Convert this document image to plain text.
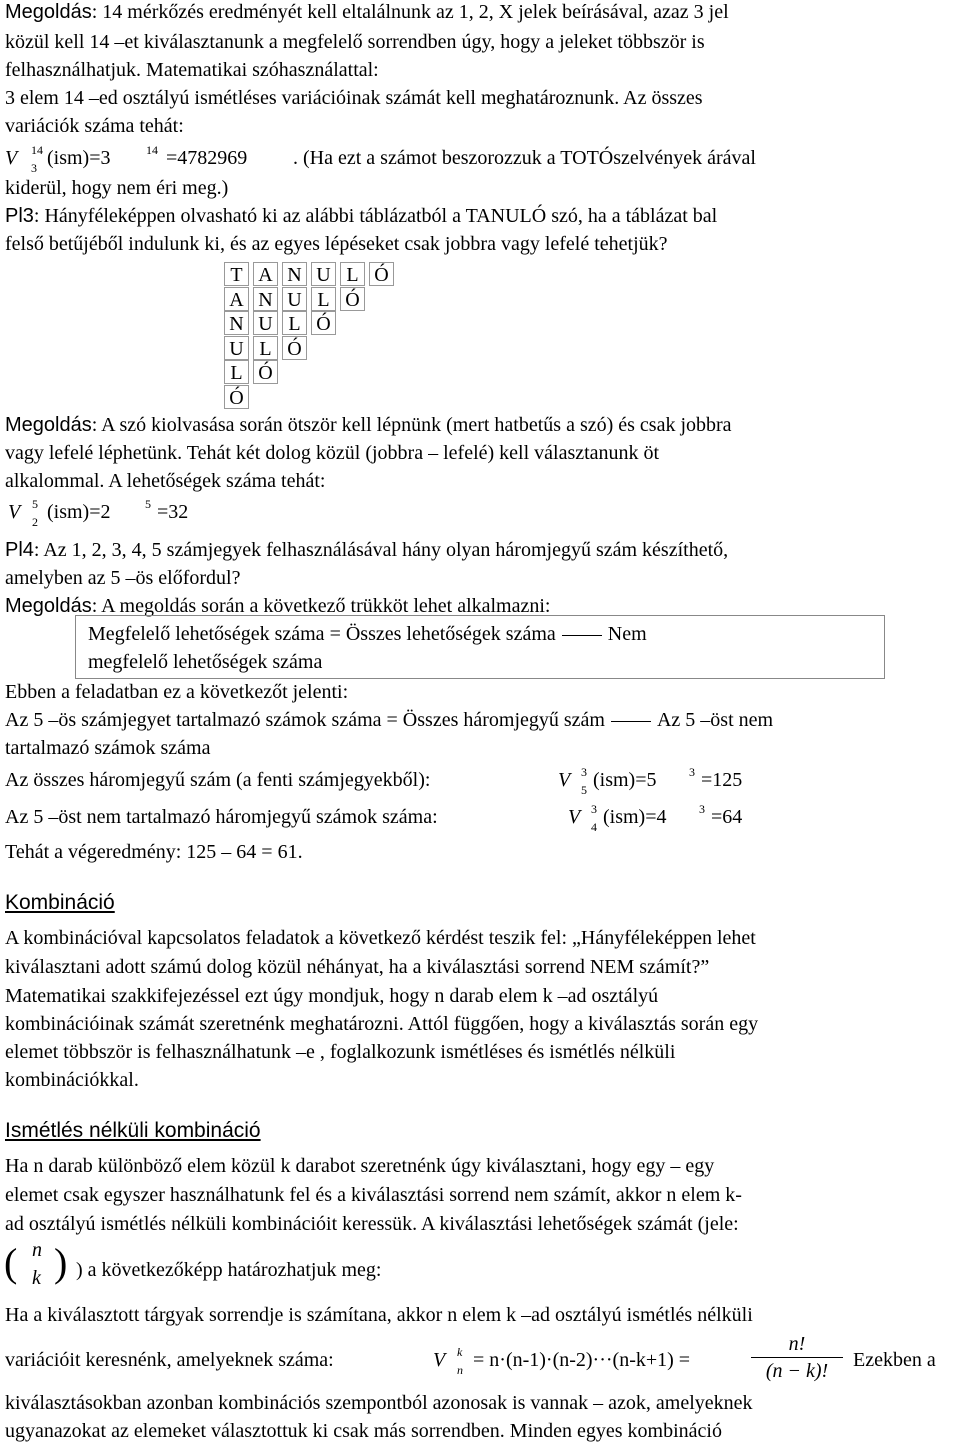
Megoldás: 14 mérkőzés eredményét kell eltalálnunk az 1, 2, X jelek beírásával, azaz 3 jel
közül kell 14 –et kiválasztanunk a megfelelő sorrendben úgy, hogy a jeleket többször is
felhasználhatjuk. Matematikai szóhasználattal:
3 elem 14 –ed osztályú ismétléses variációinak számát kell meghatároznunk. Az összes
variációk száma tehát:
V 14
3 (ism)=3	14 =4782969 . (Ha ezt a számot beszorozzuk a TOTÓszelvények árával
kiderül, hogy nem éri meg.)
Pl3: Hányféleképpen olvasható ki az alábbi táblázatból a TANULÓ szó, ha a táblázat bal
felső betűjéből indulunk ki, és az egyes lépéseket csak jobbra vagy lefelé tehetjük?
T A N U L Ó
A N U L Ó
N U L Ó
U L Ó
L Ó
Ó
Megoldás: A szó kiolvasása során ötször kell lépnünk (mert hatbetűs a szó) és csak jobbra
vagy lefelé léphetünk. Tehát két dolog közül (jobbra – lefelé) kell választanunk öt
alkalommal. A lehetőségek száma tehát:
V 5
2 (ism)=2	5 =32
Pl4: Az 1, 2, 3, 4, 5 számjegyek felhasználásával hány olyan háromjegyű szám készíthető,
amelyben az 5 –ös előfordul?
Megoldás: A megoldás során a következő trükköt lehet alkalmazni:
Megfelelő lehetőségek száma = Összes lehetőségek száma	Nem
megfelelő lehetőségek száma
Ebben a feladatban ez a következőt jelenti:
Az 5 –ös számjegyet tartalmazó számok száma = Összes háromjegyű szám	Az 5 –öst nem
tartalmazó számok száma
Az összes háromjegyű szám (a fenti számjegyekből):	V 3
5 (ism)=5	3 =125
Az 5 –öst nem tartalmazó háromjegyű számok száma:	V 3
4 (ism)=4	3 =64
Tehát a végeredmény: 125 – 64 = 61.
Kombináció
A kombinációval kapcsolatos feladatok a következő kérdést teszik fel: „Hányféleképpen lehet
kiválasztani adott számú dolog közül néhányat, ha a kiválasztási sorrend NEM számít?”
Matematikai szakkifejezéssel ezt úgy mondjuk, hogy n darab elem k –ad osztályú
kombinációinak számát szeretnénk meghatározni. Attól függően, hogy a kiválasztás során egy
elemet többször is felhasználhatunk –e , foglalkozunk ismétléses és ismétlés nélküli
kombinációkkal.
Ismétlés nélküli kombináció
Ha n darab különböző elem közül k darabot szeretnénk úgy kiválasztani, hogy egy – egy
elemet csak egyszer használhatunk fel és a kiválasztási sorrend nem számít, akkor n elem k-
ad osztályú ismétlés nélküli kombinációit keressük. A kiválasztási lehetőségek számát (jele:
( n
k ) ) a következőképp határozhatjuk meg:
Ha a kiválasztott tárgyak sorrendje is számítana, akkor n elem k –ad osztályú ismétlés nélküli
variációit keresnénk, amelyeknek száma:	V k
n = n·(n-1)·(n-2)···(n-k+1) =
n!
(n − k)!	Ezekben a
kiválasztásokban azonban kombinációs szempontból azonosak is vannak – azok, amelyeknek
ugyanazokat az elemeket választottuk ki csak más sorrendben. Minden egyes kombináció
